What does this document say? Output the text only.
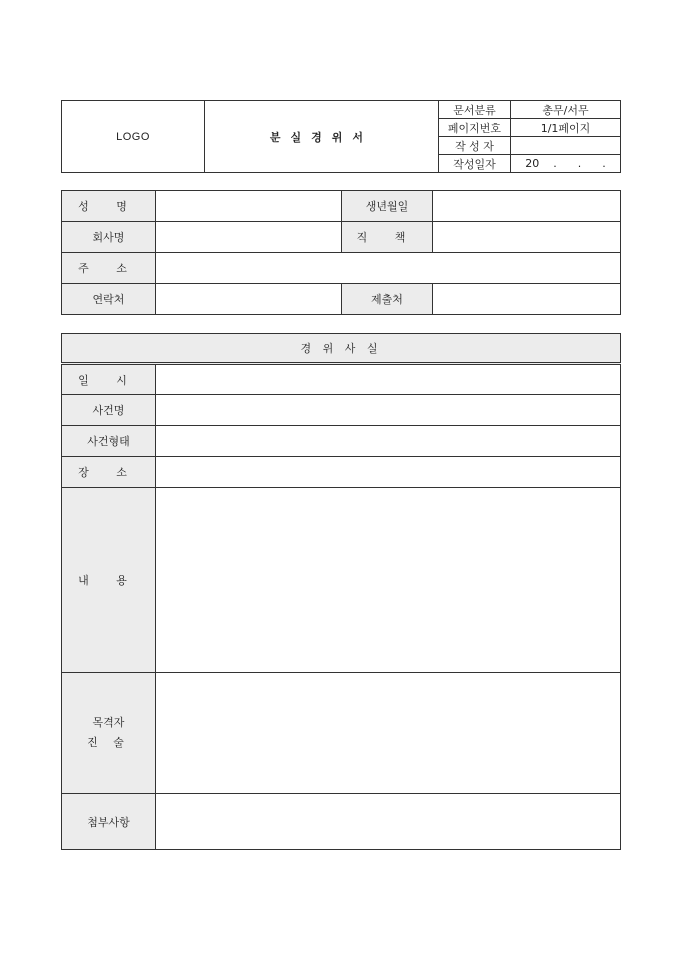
LOGO	분실경위서	문서분류	총무/서무
		페이지번호	1/1페이지
		작 성 자	
		작성일자	20    .      .      .
성 명		생년월일	
회사명		직 책	
주 소			
연락처		제출처	
경 위 사 실	
일 시	
사건명	
사건형태	
장 소	
내 용	

목격자
진 술	

첨부사항	
